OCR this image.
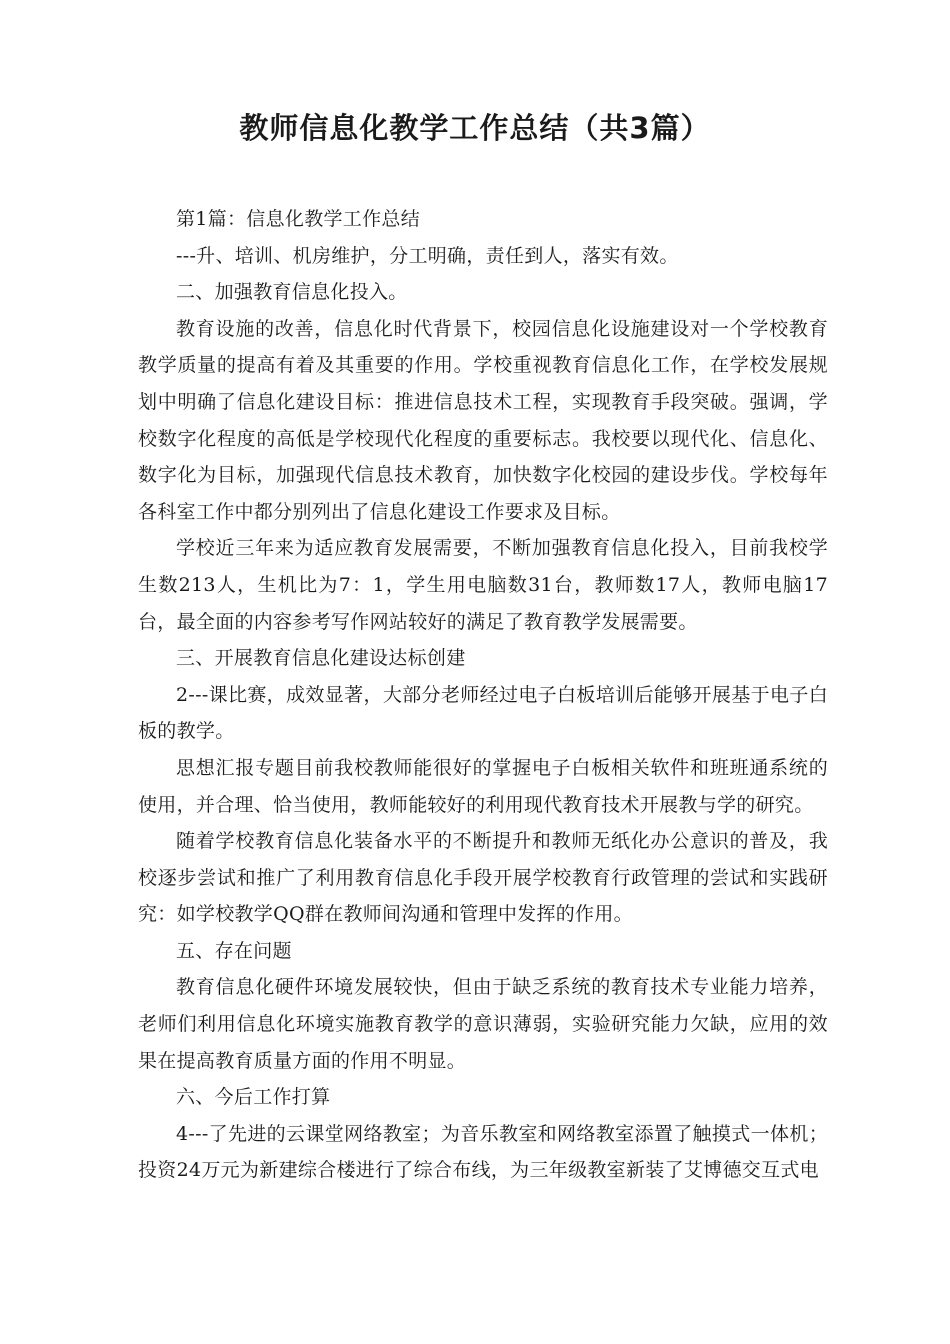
教师信息化教学工作总结（共3篇）

第1篇：信息化教学工作总结

---升、培训、机房维护，分工明确，责任到人，落实有效。

二、加强教育信息化投入。

教育设施的改善，信息化时代背景下，校园信息化设施建设对一个学校教育教学质量的提高有着及其重要的作用。学校重视教育信息化工作，在学校发展规划中明确了信息化建设目标：推进信息技术工程，实现教育手段突破。强调，学校数字化程度的高低是学校现代化程度的重要标志。我校要以现代化、信息化、数字化为目标，加强现代信息技术教育，加快数字化校园的建设步伐。学校每年各科室工作中都分别列出了信息化建设工作要求及目标。

学校近三年来为适应教育发展需要，不断加强教育信息化投入，目前我校学生数213人，生机比为7：1，学生用电脑数31台，教师数17人，教师电脑17台，最全面的内容参考写作网站较好的满足了教育教学发展需要。

三、开展教育信息化建设达标创建

2---课比赛，成效显著，大部分老师经过电子白板培训后能够开展基于电子白板的教学。

思想汇报专题目前我校教师能很好的掌握电子白板相关软件和班班通系统的使用，并合理、恰当使用，教师能较好的利用现代教育技术开展教与学的研究。

随着学校教育信息化装备水平的不断提升和教师无纸化办公意识的普及，我校逐步尝试和推广了利用教育信息化手段开展学校教育行政管理的尝试和实践研究：如学校教学QQ群在教师间沟通和管理中发挥的作用。

五、存在问题

教育信息化硬件环境发展较快，但由于缺乏系统的教育技术专业能力培养，老师们利用信息化环境实施教育教学的意识薄弱，实验研究能力欠缺，应用的效果在提高教育质量方面的作用不明显。

六、今后工作打算

4---了先进的云课堂网络教室；为音乐教室和网络教室添置了触摸式一体机；投资24万元为新建综合楼进行了综合布线，为三年级教室新装了艾博德交互式电
